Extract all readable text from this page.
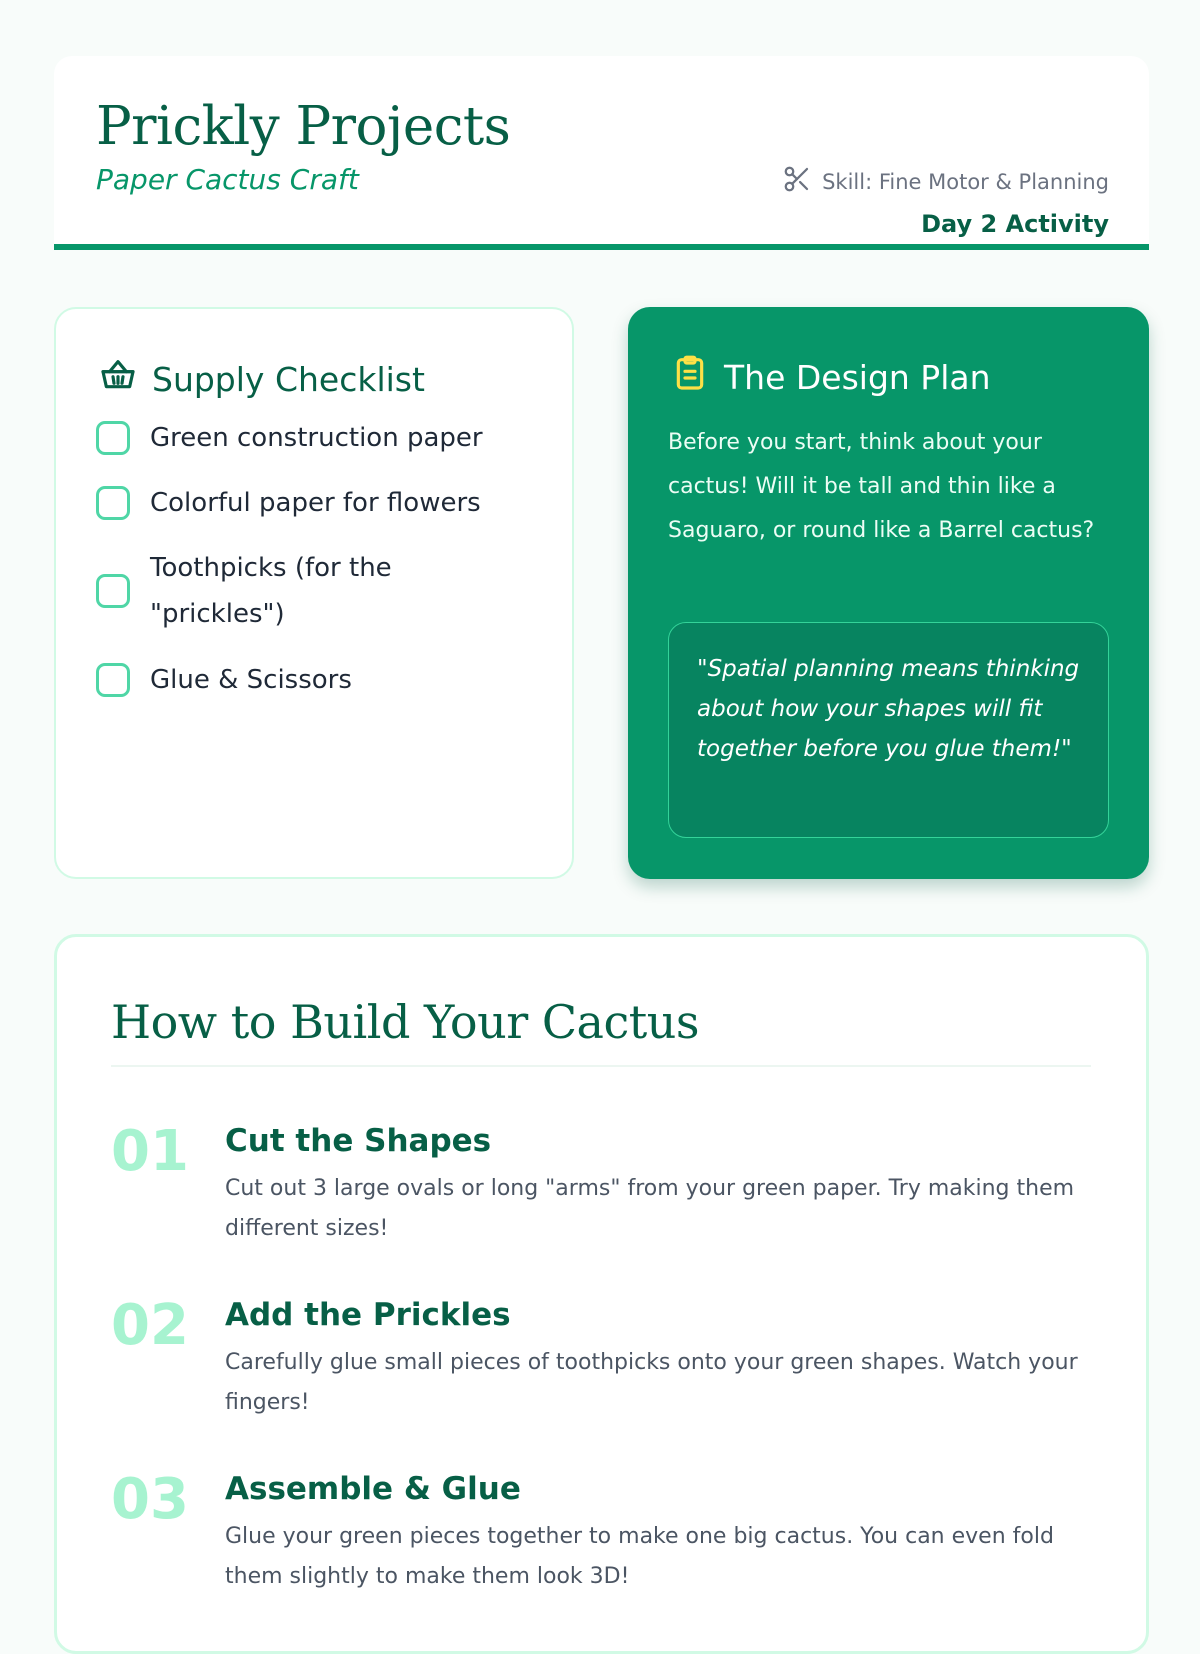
Prickly Projects
Paper Cactus Craft	Skill: Fine Motor & Planning
Day 2 Activity
Supply Checklist
Green construction paper
Colorful paper for flowers
Toothpicks (for the "prickles")
Glue & Scissors
The Design Plan
Before you start, think about your cactus! Will it be tall and thin like a Saguaro, or round like a Barrel cactus?
"Spatial planning means thinking about how your shapes will fit together before you glue them!"
How to Build Your Cactus
01 Cut the Shapes
Cut out 3 large ovals or long "arms" from your green paper. Try making them different sizes!
02 Add the Prickles
Carefully glue small pieces of toothpicks onto your green shapes. Watch your fingers!
03 Assemble & Glue
Glue your green pieces together to make one big cactus. You can even fold them slightly to make them look 3D!
